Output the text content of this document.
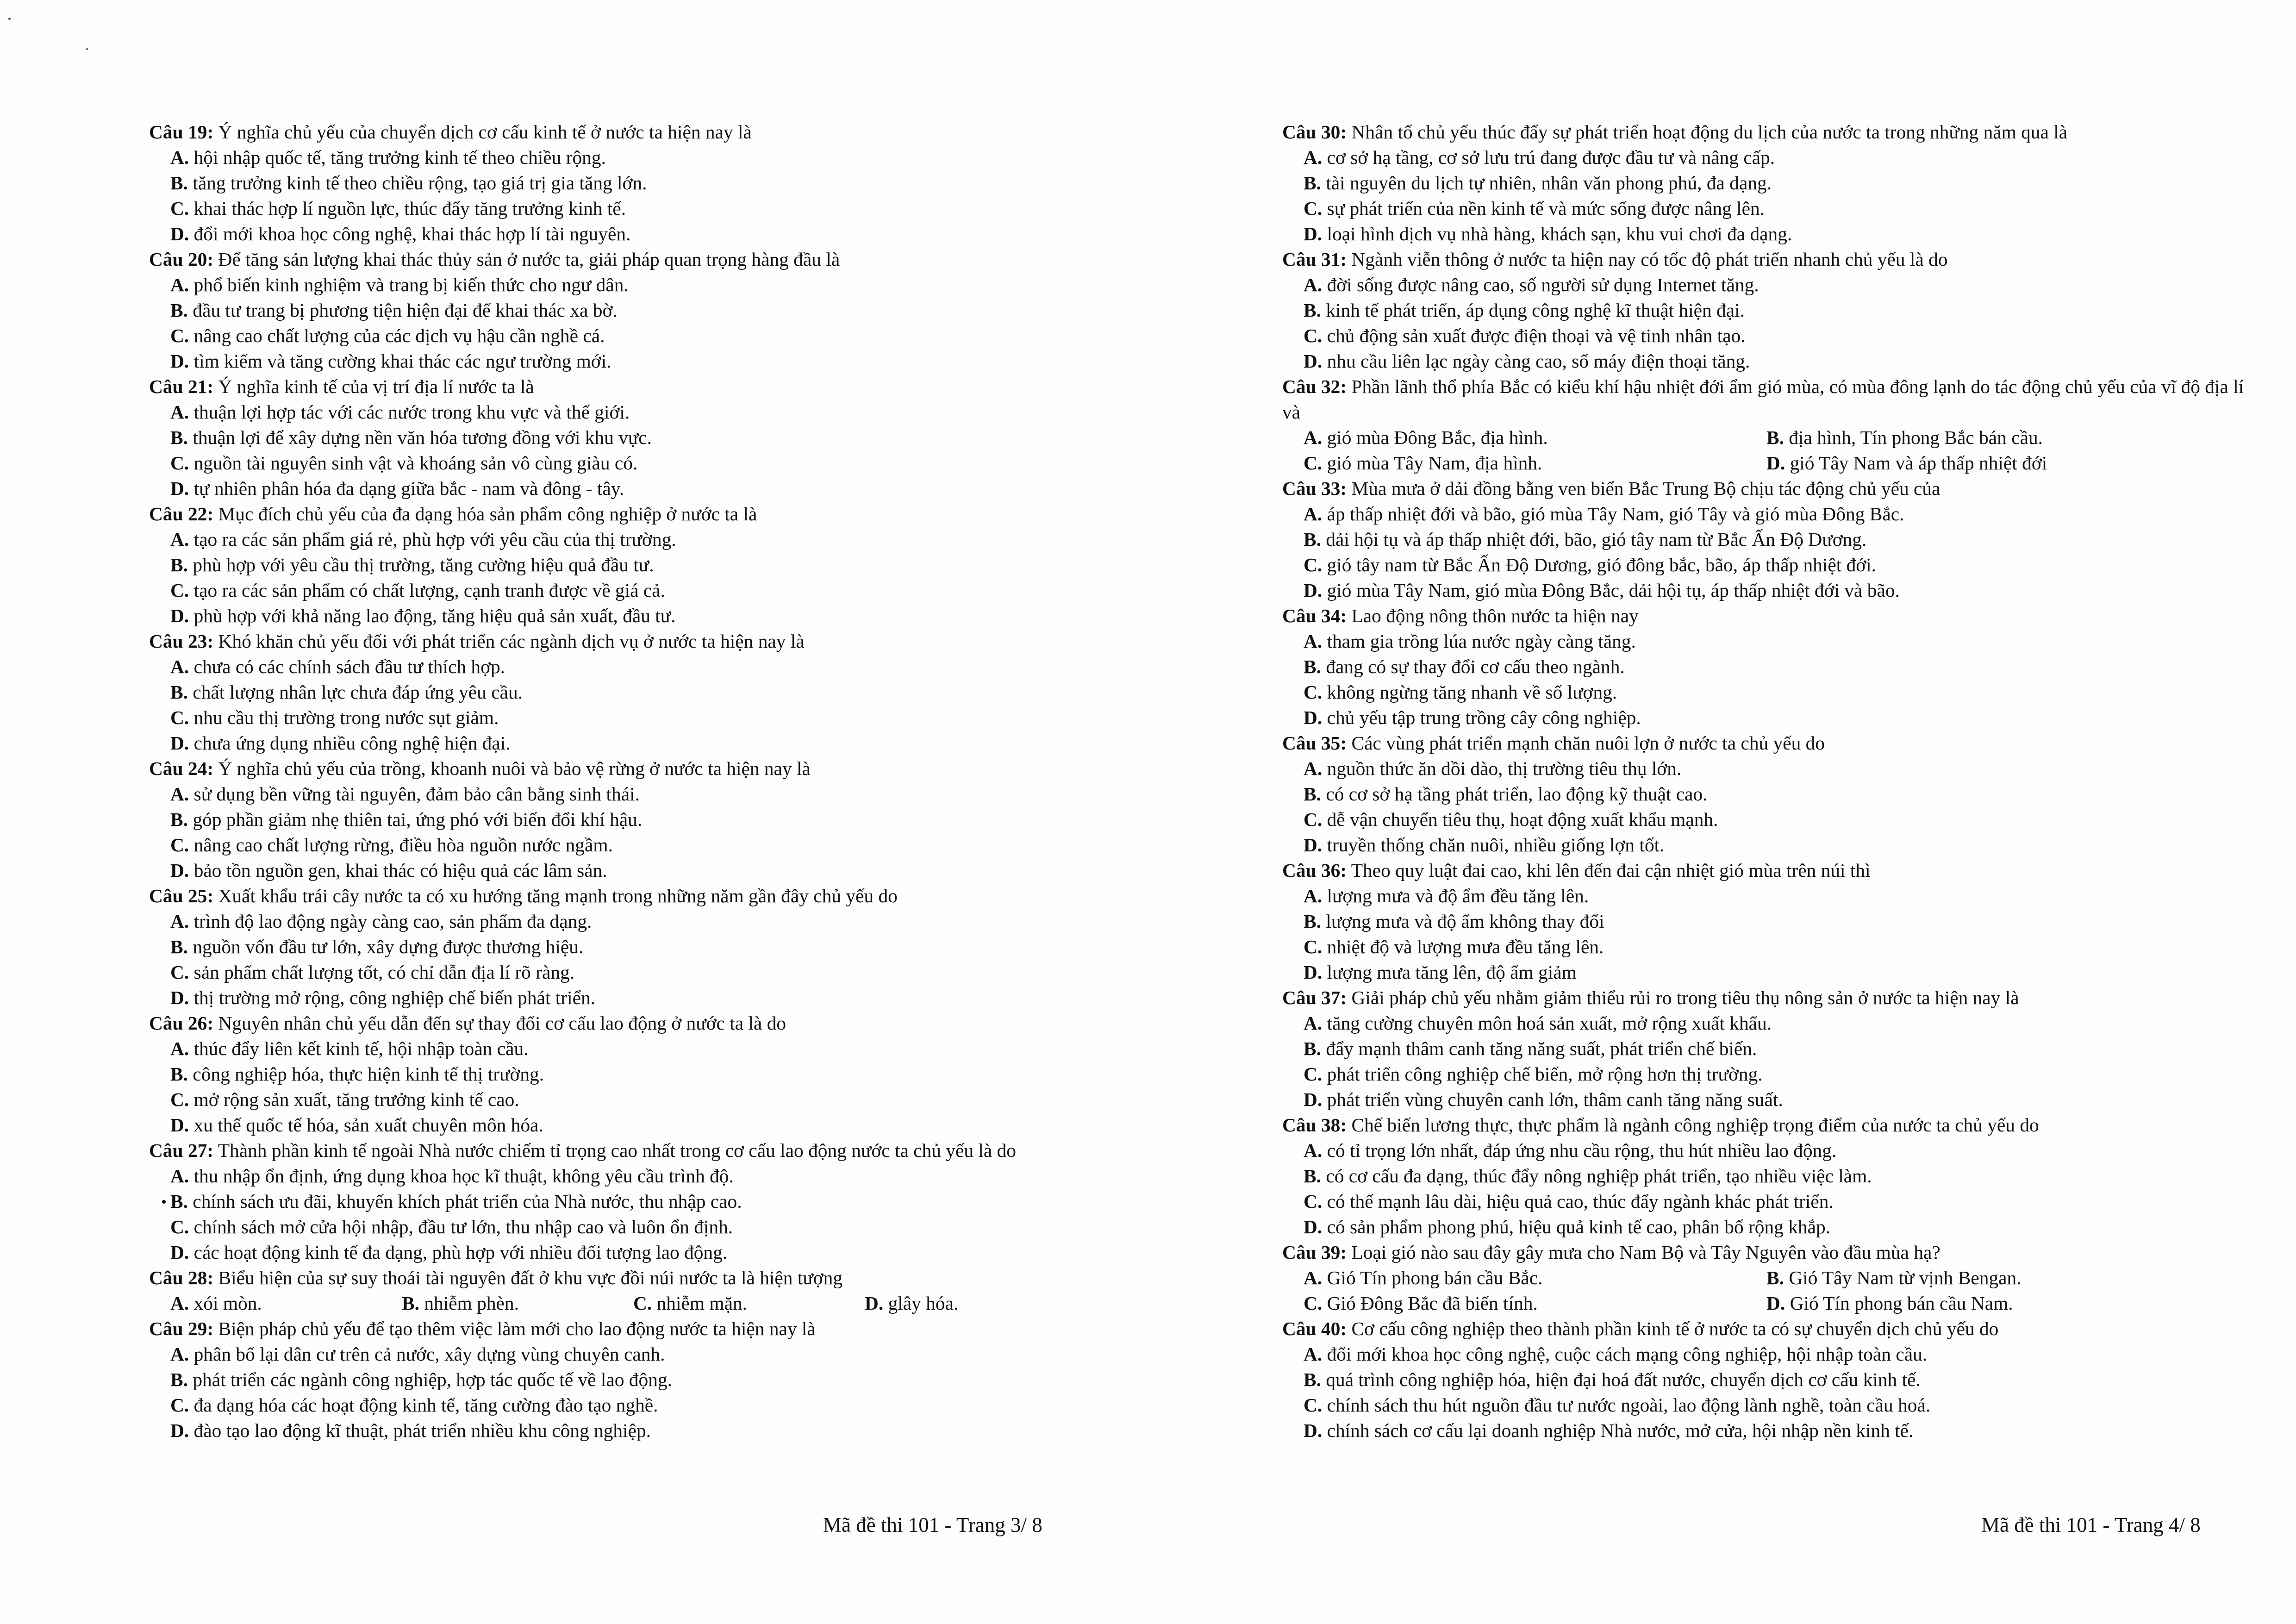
Câu 19: Ý nghĩa chủ yếu của chuyển dịch cơ cấu kinh tế ở nước ta hiện nay là

A. hội nhập quốc tế, tăng trưởng kinh tế theo chiều rộng.

B. tăng trưởng kinh tế theo chiều rộng, tạo giá trị gia tăng lớn.

C. khai thác hợp lí nguồn lực, thúc đẩy tăng trưởng kinh tế.

D. đổi mới khoa học công nghệ, khai thác hợp lí tài nguyên.

Câu 20: Để tăng sản lượng khai thác thủy sản ở nước ta, giải pháp quan trọng hàng đầu là

A. phổ biến kinh nghiệm và trang bị kiến thức cho ngư dân.

B. đầu tư trang bị phương tiện hiện đại để khai thác xa bờ.

C. nâng cao chất lượng của các dịch vụ hậu cần nghề cá.

D. tìm kiếm và tăng cường khai thác các ngư trường mới.

Câu 21: Ý nghĩa kinh tế của vị trí địa lí nước ta là

A. thuận lợi hợp tác với các nước trong khu vực và thế giới.

B. thuận lợi để xây dựng nền văn hóa tương đồng với khu vực.

C. nguồn tài nguyên sinh vật và khoáng sản vô cùng giàu có.

D. tự nhiên phân hóa đa dạng giữa bắc - nam và đông - tây.

Câu 22: Mục đích chủ yếu của đa dạng hóa sản phẩm công nghiệp ở nước ta là

A. tạo ra các sản phẩm giá rẻ, phù hợp với yêu cầu của thị trường.

B. phù hợp với yêu cầu thị trường, tăng cường hiệu quả đầu tư.

C. tạo ra các sản phẩm có chất lượng, cạnh tranh được về giá cả.

D. phù hợp với khả năng lao động, tăng hiệu quả sản xuất, đầu tư.

Câu 23: Khó khăn chủ yếu đối với phát triển các ngành dịch vụ ở nước ta hiện nay là

A. chưa có các chính sách đầu tư thích hợp.

B. chất lượng nhân lực chưa đáp ứng yêu cầu.

C. nhu cầu thị trường trong nước sụt giảm.

D. chưa ứng dụng nhiều công nghệ hiện đại.

Câu 24: Ý nghĩa chủ yếu của trồng, khoanh nuôi và bảo vệ rừng ở nước ta hiện nay là

A. sử dụng bền vững tài nguyên, đảm bảo cân bằng sinh thái.

B. góp phần giảm nhẹ thiên tai, ứng phó với biến đổi khí hậu.

C. nâng cao chất lượng rừng, điều hòa nguồn nước ngầm.

D. bảo tồn nguồn gen, khai thác có hiệu quả các lâm sản.

Câu 25: Xuất khẩu trái cây nước ta có xu hướng tăng mạnh trong những năm gần đây chủ yếu do

A. trình độ lao động ngày càng cao, sản phẩm đa dạng.

B. nguồn vốn đầu tư lớn, xây dựng được thương hiệu.

C. sản phẩm chất lượng tốt, có chỉ dẫn địa lí rõ ràng.

D. thị trường mở rộng, công nghiệp chế biến phát triển.

Câu 26: Nguyên nhân chủ yếu dẫn đến sự thay đổi cơ cấu lao động ở nước ta là do

A. thúc đẩy liên kết kinh tế, hội nhập toàn cầu.

B. công nghiệp hóa, thực hiện kinh tế thị trường.

C. mở rộng sản xuất, tăng trưởng kinh tế cao.

D. xu thế quốc tế hóa, sản xuất chuyên môn hóa.

Câu 27: Thành phần kinh tế ngoài Nhà nước chiếm tỉ trọng cao nhất trong cơ cấu lao động nước ta chủ yếu là do

A. thu nhập ổn định, ứng dụng khoa học kĩ thuật, không yêu cầu trình độ.

B. chính sách ưu đãi, khuyến khích phát triển của Nhà nước, thu nhập cao.

C. chính sách mở cửa hội nhập, đầu tư lớn, thu nhập cao và luôn ổn định.

D. các hoạt động kinh tế đa dạng, phù hợp với nhiều đối tượng lao động.

Câu 28: Biểu hiện của sự suy thoái tài nguyên đất ở khu vực đồi núi nước ta là hiện tượng

A. xói mòn.	B. nhiễm phèn.	C. nhiễm mặn.	D. glây hóa.

Câu 29: Biện pháp chủ yếu để tạo thêm việc làm mới cho lao động nước ta hiện nay là

A. phân bố lại dân cư trên cả nước, xây dựng vùng chuyên canh.

B. phát triển các ngành công nghiệp, hợp tác quốc tế về lao động.

C. đa dạng hóa các hoạt động kinh tế, tăng cường đào tạo nghề.

D. đào tạo lao động kĩ thuật, phát triển nhiều khu công nghiệp.

Câu 30: Nhân tố chủ yếu thúc đẩy sự phát triển hoạt động du lịch của nước ta trong những năm qua là

A. cơ sở hạ tầng, cơ sở lưu trú đang được đầu tư và nâng cấp.

B. tài nguyên du lịch tự nhiên, nhân văn phong phú, đa dạng.

C. sự phát triển của nền kinh tế và mức sống được nâng lên.

D. loại hình dịch vụ nhà hàng, khách sạn, khu vui chơi đa dạng.

Câu 31: Ngành viễn thông ở nước ta hiện nay có tốc độ phát triển nhanh chủ yếu là do

A. đời sống được nâng cao, số người sử dụng Internet tăng.

B. kinh tế phát triển, áp dụng công nghệ kĩ thuật hiện đại.

C. chủ động sản xuất được điện thoại và vệ tinh nhân tạo.

D. nhu cầu liên lạc ngày càng cao, số máy điện thoại tăng.

Câu 32: Phần lãnh thổ phía Bắc có kiểu khí hậu nhiệt đới ẩm gió mùa, có mùa đông lạnh do tác động chủ yếu của vĩ độ địa lí và

A. gió mùa Đông Bắc, địa hình.	B. địa hình, Tín phong Bắc bán cầu.

C. gió mùa Tây Nam, địa hình.	D. gió Tây Nam và áp thấp nhiệt đới

Câu 33: Mùa mưa ở dải đồng bằng ven biển Bắc Trung Bộ chịu tác động chủ yếu của

A. áp thấp nhiệt đới và bão, gió mùa Tây Nam, gió Tây và gió mùa Đông Bắc.

B. dải hội tụ và áp thấp nhiệt đới, bão, gió tây nam từ Bắc Ấn Độ Dương.

C. gió tây nam từ Bắc Ấn Độ Dương, gió đông bắc, bão, áp thấp nhiệt đới.

D. gió mùa Tây Nam, gió mùa Đông Bắc, dải hội tụ, áp thấp nhiệt đới và bão.

Câu 34: Lao động nông thôn nước ta hiện nay

A. tham gia trồng lúa nước ngày càng tăng.

B. đang có sự thay đổi cơ cấu theo ngành.

C. không ngừng tăng nhanh về số lượng.

D. chủ yếu tập trung trồng cây công nghiệp.

Câu 35: Các vùng phát triển mạnh chăn nuôi lợn ở nước ta chủ yếu do

A. nguồn thức ăn dồi dào, thị trường tiêu thụ lớn.

B. có cơ sở hạ tầng phát triển, lao động kỹ thuật cao.

C. dễ vận chuyển tiêu thụ, hoạt động xuất khẩu mạnh.

D. truyền thống chăn nuôi, nhiều giống lợn tốt.

Câu 36: Theo quy luật đai cao, khi lên đến đai cận nhiệt gió mùa trên núi thì

A. lượng mưa và độ ẩm đều tăng lên.

B. lượng mưa và độ ẩm không thay đổi

C. nhiệt độ và lượng mưa đều tăng lên.

D. lượng mưa tăng lên, độ ẩm giảm

Câu 37: Giải pháp chủ yếu nhằm giảm thiểu rủi ro trong tiêu thụ nông sản ở nước ta hiện nay là

A. tăng cường chuyên môn hoá sản xuất, mở rộng xuất khẩu.

B. đẩy mạnh thâm canh tăng năng suất, phát triển chế biến.

C. phát triển công nghiệp chế biến, mở rộng hơn thị trường.

D. phát triển vùng chuyên canh lớn, thâm canh tăng năng suất.

Câu 38: Chế biến lương thực, thực phẩm là ngành công nghiệp trọng điểm của nước ta chủ yếu do

A. có tỉ trọng lớn nhất, đáp ứng nhu cầu rộng, thu hút nhiều lao động.

B. có cơ cấu đa dạng, thúc đẩy nông nghiệp phát triển, tạo nhiều việc làm.

C. có thế mạnh lâu dài, hiệu quả cao, thúc đẩy ngành khác phát triển.

D. có sản phẩm phong phú, hiệu quả kinh tế cao, phân bố rộng khắp.

Câu 39: Loại gió nào sau đây gây mưa cho Nam Bộ và Tây Nguyên vào đầu mùa hạ?

A. Gió Tín phong bán cầu Bắc.	B. Gió Tây Nam từ vịnh Bengan.

C. Gió Đông Bắc đã biến tính.	D. Gió Tín phong bán cầu Nam.

Câu 40: Cơ cấu công nghiệp theo thành phần kinh tế ở nước ta có sự chuyển dịch chủ yếu do

A. đổi mới khoa học công nghệ, cuộc cách mạng công nghiệp, hội nhập toàn cầu.

B. quá trình công nghiệp hóa, hiện đại hoá đất nước, chuyển dịch cơ cấu kinh tế.

C. chính sách thu hút nguồn đầu tư nước ngoài, lao động lành nghề, toàn cầu hoá.

D. chính sách cơ cấu lại doanh nghiệp Nhà nước, mở cửa, hội nhập nền kinh tế.

Mã đề thi 101 - Trang 3/ 8	Mã đề thi 101 - Trang 4/ 8
